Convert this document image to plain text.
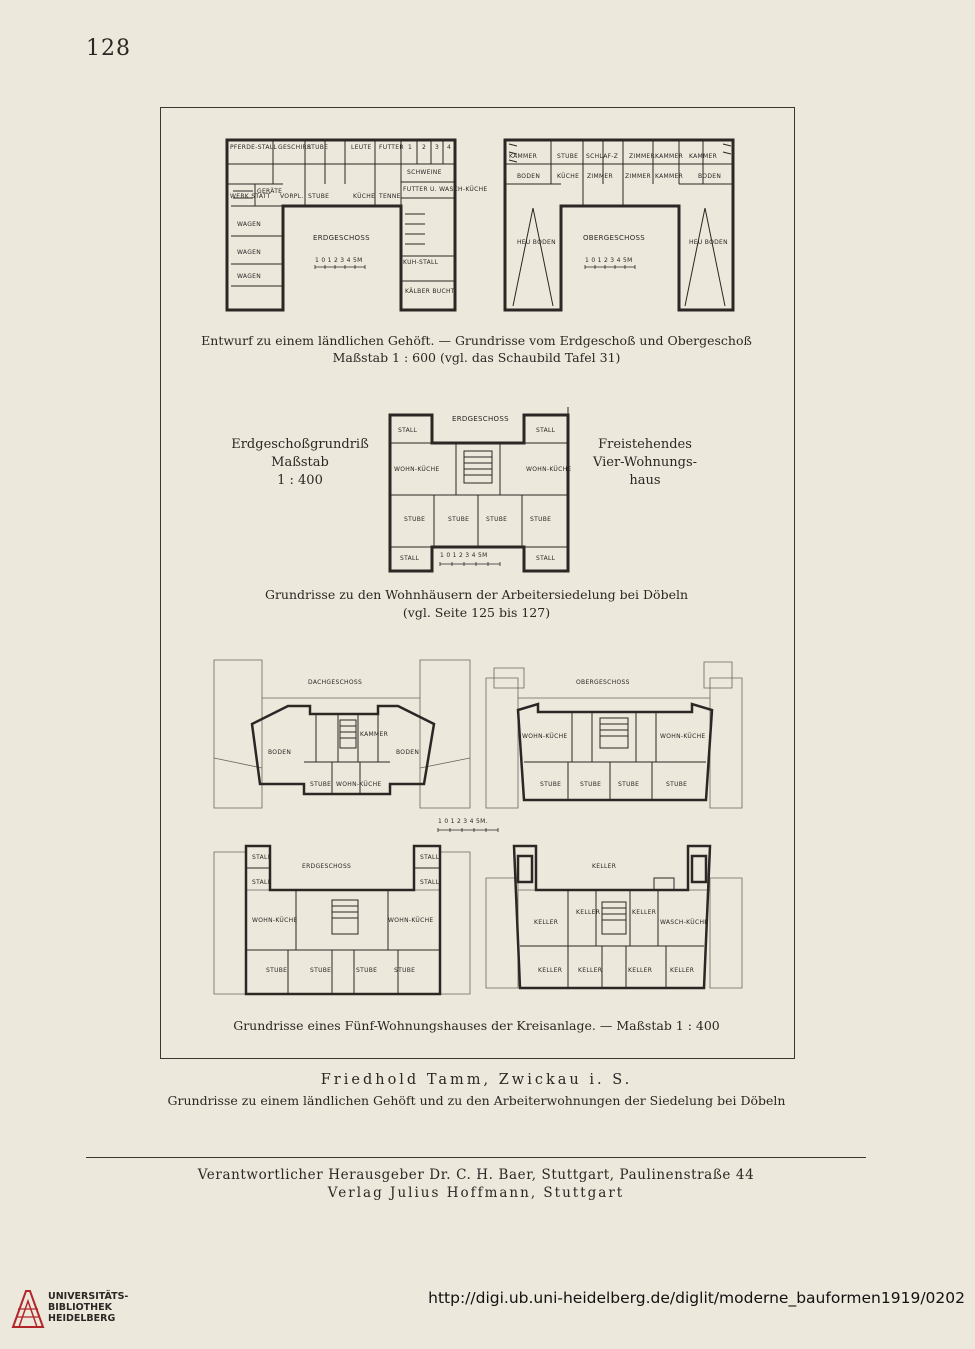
128
PFERDE-STALL GESCHIRR
STUBE	LEUTE FUTTER 1 2 3 4
SCHWEINE
FUTTER U. WASCH-KÜCHE
WERK STATT
GERÄTE
VORPL. STUBE	KÜCHE TENNE
WAGEN
WAGEN
WAGEN
KUH-STALL
KÄLBER BUCHT
ERDGESCHOSS
1 0 1 2 3 4 5M
KAMMER	STUBE SCHLAF-Z ZIMMER KAMMER KAMMER
BODEN	KÜCHE ZIMMER ZIMMER KAMMER BODEN
HEU BODEN	HEU BODEN
OBERGESCHOSS
1 0 1 2 3 4 5M
Entwurf zu einem ländlichen Gehöft. — Grundrisse vom Erdgeschoß und Obergeschoß
Maßstab 1 : 600 (vgl. das Schaubild Tafel 31)
Erdgeschoßgrundriß
Maßstab
1 : 400
Freistehendes
Vier-Wohnungs-
haus
ERDGESCHOSS
STALL	STALL
WOHN-KÜCHE	WOHN-KÜCHE
STUBE	STUBE	STUBE	STUBE
STALL	STALL
1 0 1 2 3 4 5M
Grundrisse zu den Wohnhäusern der Arbeitersiedelung bei Döbeln
(vgl. Seite 125 bis 127)
DACHGESCHOSS
KAMMER
BODEN	BODEN
STUBE WOHN-KÜCHE
OBERGESCHOSS
WOHN-KÜCHE	WOHN-KÜCHE
STUBE	STUBE	STUBE	STUBE
1 0 1 2 3 4 5M.
STALL	STALL
STALL	STALL
ERDGESCHOSS
WOHN-KÜCHE	WOHN-KÜCHE
STUBE	STUBE	STUBE	STUBE
KELLER
KELLER
KELLER	KELLER
WASCH-KÜCHE
KELLER	KELLER	KELLER	KELLER
Grundrisse eines Fünf-Wohnungshauses der Kreisanlage. — Maßstab 1 : 400
Friedhold Tamm, Zwickau i. S.
Grundrisse zu einem ländlichen Gehöft und zu den Arbeiterwohnungen der Siedelung bei Döbeln
Verantwortlicher Herausgeber Dr. C. H. Baer, Stuttgart, Paulinenstraße 44
Verlag Julius Hoffmann, Stuttgart
UNIVERSITÄTS-
BIBLIOTHEK
HEIDELBERG
http://digi.ub.uni-heidelberg.de/diglit/moderne_bauformen1919/0202
